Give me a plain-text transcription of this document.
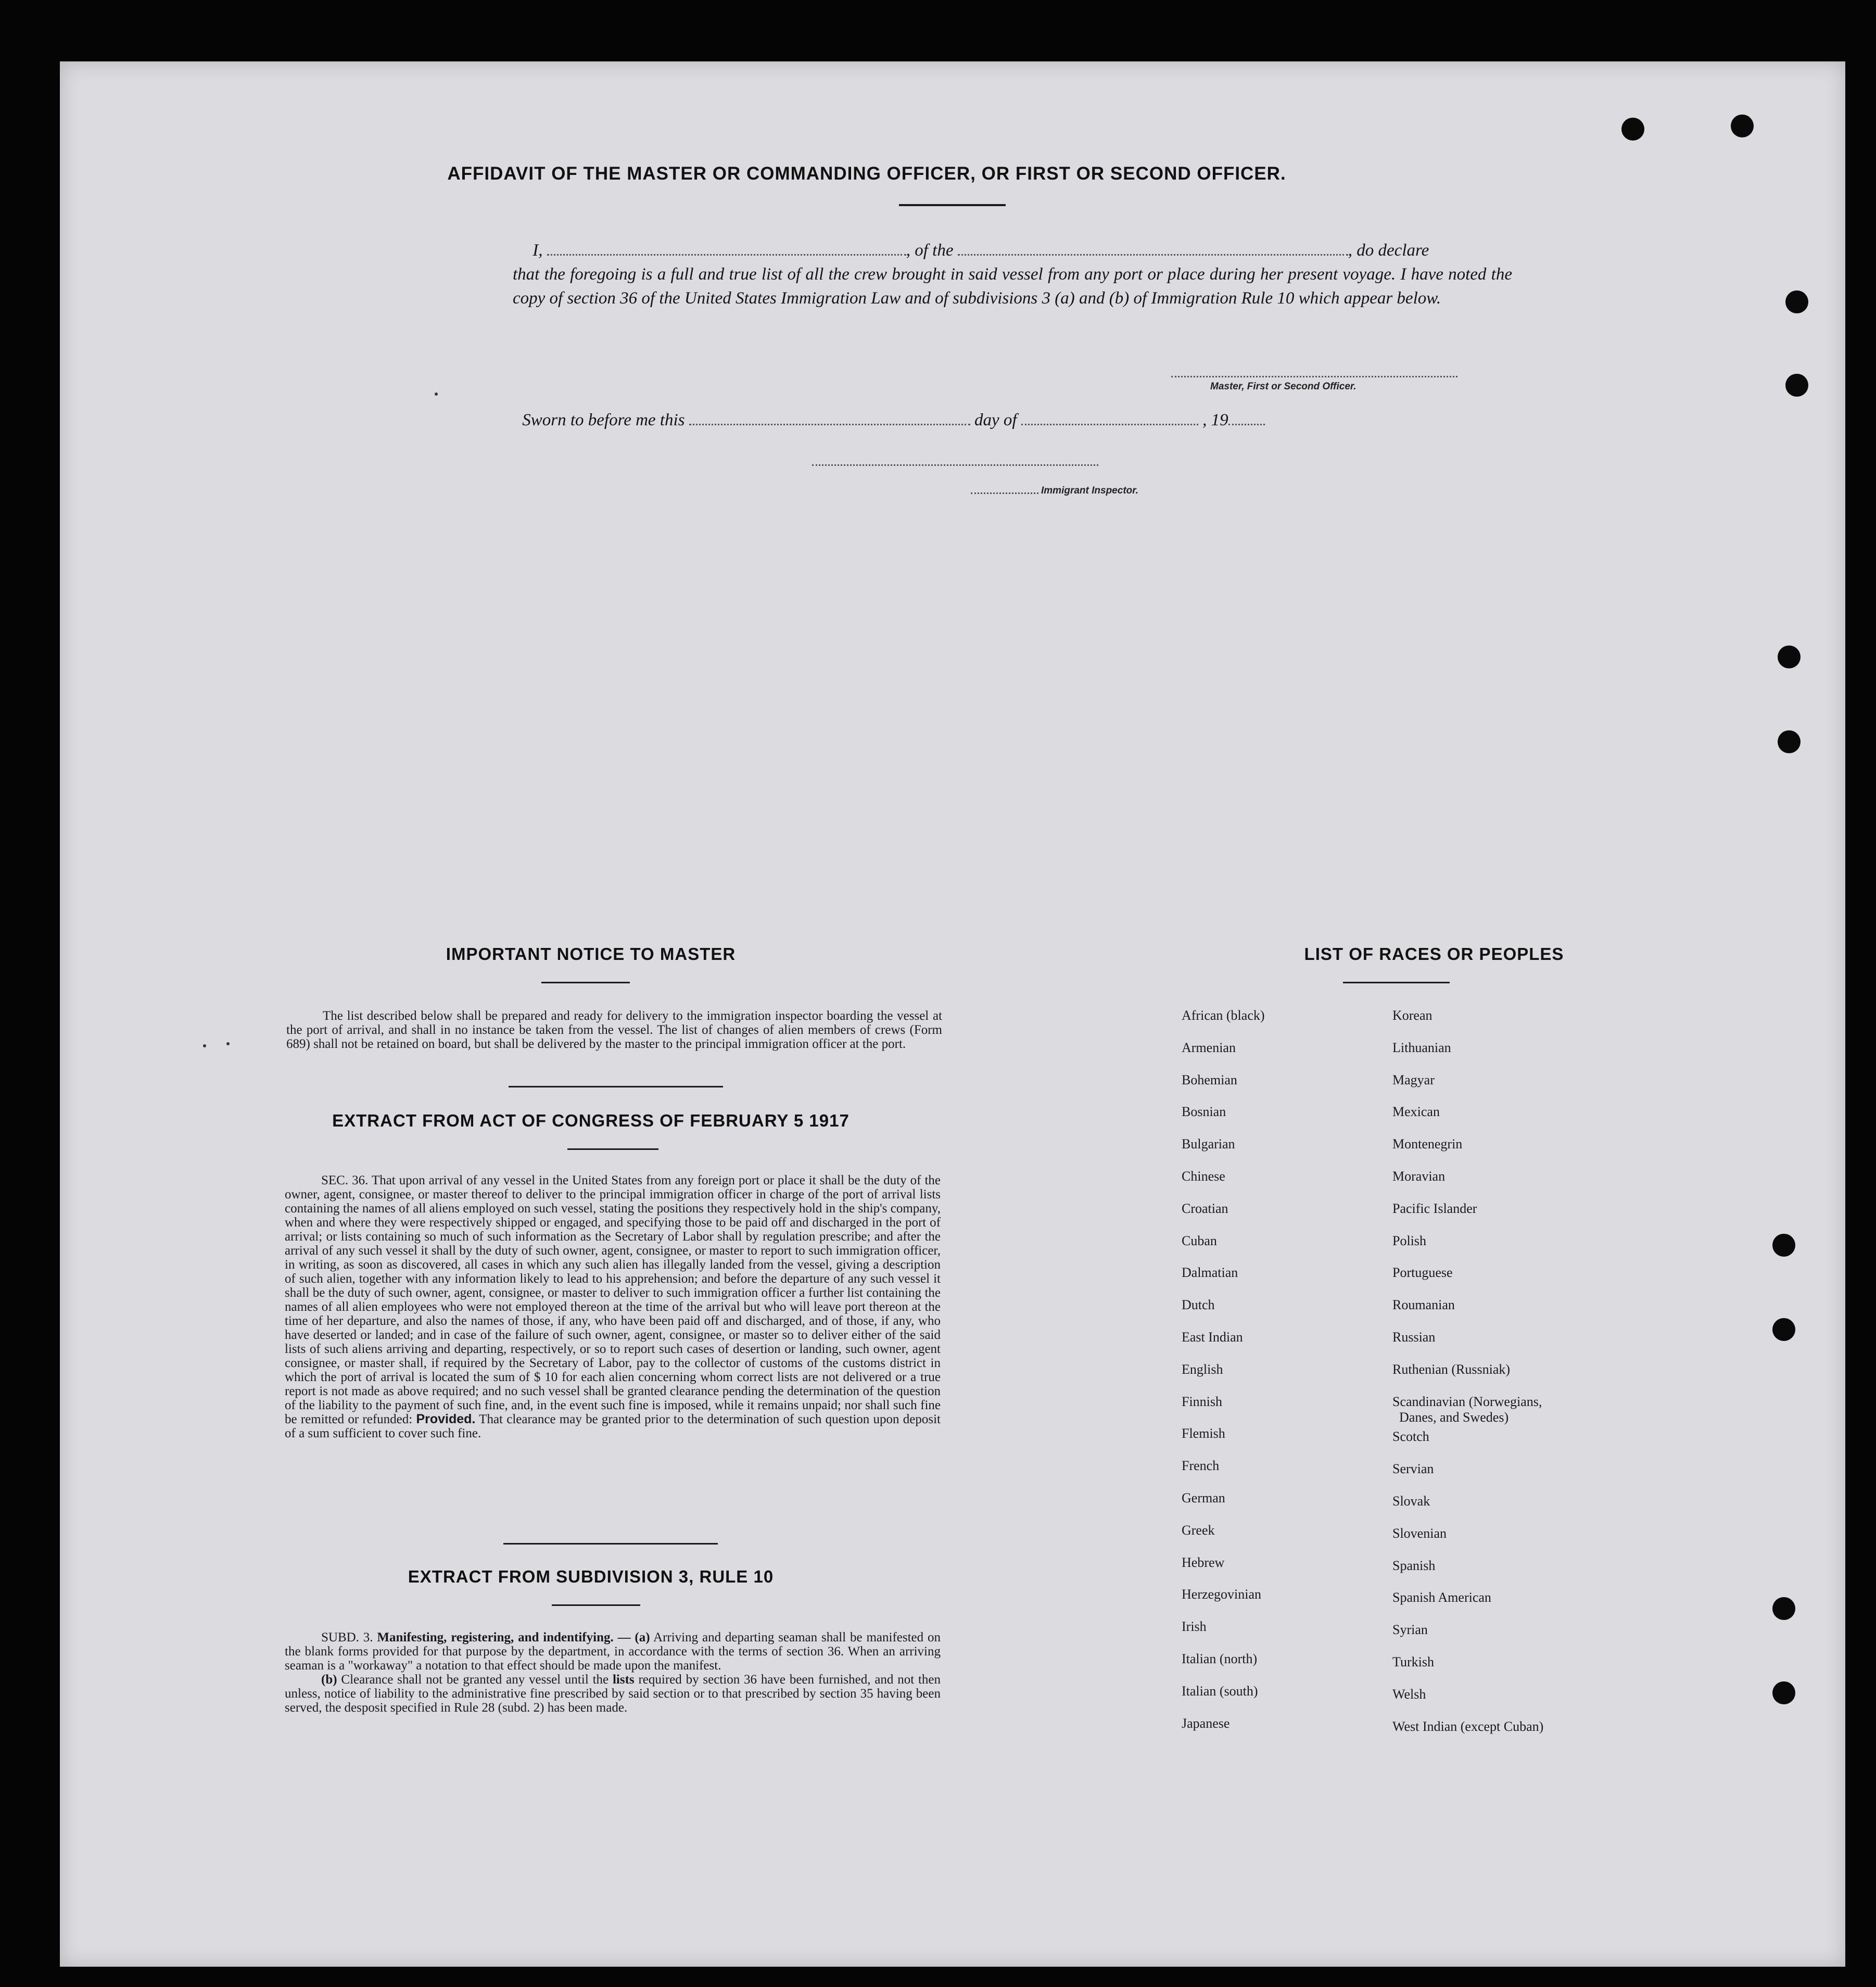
AFFIDAVIT OF THE MASTER OR COMMANDING OFFICER, OR FIRST OR SECOND OFFICER.
I,	, of the	, do declare
that the foregoing is a full and true list of all the crew brought in said vessel from any port or place during her present voyage. I have noted the copy of section 36 of the United States Immigration Law and of subdivisions 3 (a) and (b) of Immigration Rule 10 which appear below.
Master, First or Second Officer.
Sworn to before me this	day of	, 19
Immigrant Inspector.
IMPORTANT NOTICE TO MASTER

The list described below shall be prepared and ready for delivery to the immigration inspector boarding the vessel at the port of arrival, and shall in no instance be taken from the vessel. The list of changes of alien members of crews (Form 689) shall not be retained on board, but shall be delivered by the master to the principal immigration officer at the port.

EXTRACT FROM ACT OF CONGRESS OF FEBRUARY 5 1917

SEC. 36. That upon arrival of any vessel in the United States from any foreign port or place it shall be the duty of the owner, agent, consignee, or master thereof to deliver to the principal immigration officer in charge of the port of arrival lists containing the names of all aliens employed on such vessel, stating the positions they respectively hold in the ship's company, when and where they were respectively shipped or engaged, and specifying those to be paid off and discharged in the port of arrival; or lists containing so much of such information as the Secretary of Labor shall by regulation prescribe; and after the arrival of any such vessel it shall by the duty of such owner, agent, consignee, or master to report to such immigration officer, in writing, as soon as discovered, all cases in which any such alien has illegally landed from the vessel, giving a description of such alien, together with any information likely to lead to his apprehension; and before the departure of any such vessel it shall be the duty of such owner, agent, consignee, or master to deliver to such immigration officer a further list containing the names of all alien employees who were not employed thereon at the time of the arrival but who will leave port thereon at the time of her departure, and also the names of those, if any, who have been paid off and discharged, and of those, if any, who have deserted or landed; and in case of the failure of such owner, agent, consignee, or master so to deliver either of the said lists of such aliens arriving and departing, respectively, or so to report such cases of desertion or landing, such owner, agent consignee, or master shall, if required by the Secretary of Labor, pay to the collector of customs of the customs district in which the port of arrival is located the sum of $ 10 for each alien concerning whom correct lists are not delivered or a true report is not made as above required; and no such vessel shall be granted clearance pending the determination of the question of the liability to the payment of such fine, and, in the event such fine is imposed, while it remains unpaid; nor shall such fine be remitted or refunded: Provided. That clearance may be granted prior to the determination of such question upon deposit of a sum sufficient to cover such fine.

EXTRACT FROM SUBDIVISION 3, RULE 10

SUBD. 3. Manifesting, registering, and indentifying. — (a) Arriving and departing seaman shall be manifested on the blank forms provided for that purpose by the department, in accordance with the terms of section 36. When an arriving seaman is a "workaway" a notation to that effect should be made upon the manifest.

(b) Clearance shall not be granted any vessel until the lists required by section 36 have been furnished, and not then unless, notice of liability to the administrative fine prescribed by said section or to that prescribed by section 35 having been served, the desposit specified in Rule 28 (subd. 2) has been made.

LIST OF RACES OR PEOPLES
African (black)
Armenian
Bohemian
Bosnian
Bulgarian
Chinese
Croatian
Cuban
Dalmatian
Dutch
East Indian
English
Finnish
Flemish
French
German
Greek
Hebrew
Herzegovinian
Irish
Italian (north)
Italian (south)
Japanese
Korean
Lithuanian
Magyar
Mexican
Montenegrin
Moravian
Pacific Islander
Polish
Portuguese
Roumanian
Russian
Ruthenian (Russniak)
Scandinavian (Norwegians,
Danes, and Swedes)
Scotch
Servian
Slovak
Slovenian
Spanish
Spanish American
Syrian
Turkish
Welsh
West Indian (except Cuban)
